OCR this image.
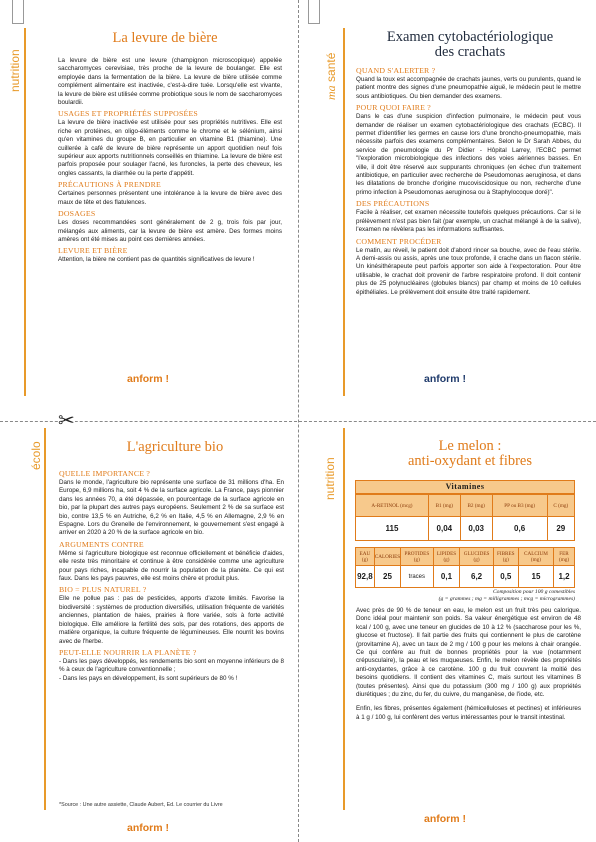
✂
nutrition
La levure de bière

La levure de bière est une levure (champignon microscopique) appelée saccharomyces cerevisiae, très proche de la levure de boulanger. Elle est employée dans la fermentation de la bière. La levure de bière utilisée comme complément alimentaire est inactivée, c'est-à-dire tuée. Lorsqu'elle est vivante, la levure de bière est utilisée comme probiotique sous le nom de saccharomyces boulardii.

USAGES ET PROPRIÉTÉS SUPPOSÉES

La levure de bière inactivée est utilisée pour ses propriétés nutritives. Elle est riche en protéines, en oligo-éléments comme le chrome et le sélénium, ainsi qu'en vitamines du groupe B, en particulier en vitamine B1 (thiamine). Une cuillerée à café de levure de bière représente un apport quotidien neuf fois supérieur aux apports nutritionnels conseillés en thiamine. La levure de bière est parfois proposée pour soulager l'acné, les furoncles, la perte des cheveux, les ongles cassants, la diarrhée ou la perte d'appétit.

PRÉCAUTIONS À PRENDRE

Certaines personnes présentent une intolérance à la levure de bière avec des maux de tête et des flatulences.

DOSAGES

Les doses recommandées sont généralement de 2 g, trois fois par jour, mélangés aux aliments, car la levure de bière est amère. Des formes moins amères ont été mises au point ces dernières années.

LEVURE ET BIÈRE

Attention, la bière ne contient pas de quantités significatives de levure !

anform !
ma santé
Examen cytobactériologique
des crachats
QUAND S'ALERTER ?

Quand la toux est accompagnée de crachats jaunes, verts ou purulents, quand le patient montre des signes d'une pneumopathie aiguë, le médecin peut le mettre sous antibiotiques. Ou bien demander des examens.

POUR QUOI FAIRE ?

Dans le cas d'une suspicion d'infection pulmonaire, le médecin peut vous demander de réaliser un examen cytobactériologique des crachats (ECBC). Il permet d'identifier les germes en cause lors d'une broncho-pneumopathie, mais nécessite parfois des examens complémentaires. Selon le Dr Sarah Abbes, du service de pneumologie du Pr Didier - Hôpital Larrey, l'ECBC permet "l'exploration microbiologique des infections des voies aériennes basses. En ville, il doit être réservé aux suppurants chroniques (en échec d'un traitement antibiotique, en particulier avec recherche de Pseudomonas aeruginosa, et dans les dilatations de bronche d'origine mucoviscidosique ou non, recherche d'une primo infection à Pseudomonas aeruginosa ou à Staphylocoque doré)".

DES PRÉCAUTIONS

Facile à réaliser, cet examen nécessite toutefois quelques précautions. Car si le prélèvement n'est pas bien fait (par exemple, un crachat mélangé à de la salive), l'examen ne révèlera pas les informations suffisantes.

COMMENT PROCÉDER

Le matin, au réveil, le patient doit d'abord rincer sa bouche, avec de l'eau stérile. A demi-assis ou assis, après une toux profonde, il crache dans un flacon stérile. Un kinésithérapeute peut parfois apporter son aide à l'expectoration. Pour être utilisable, le crachat doit provenir de l'arbre respiratoire profond. Il doit contenir plus de 25 polynucléaires (globules blancs) par champ et moins de 10 cellules épithéliales. Le prélèvement doit ensuite être traité rapidement.

anform !
écolo	L'agriculture bio
QUELLE IMPORTANCE ?

Dans le monde, l'agriculture bio représente une surface de 31 millions d'ha. En Europe, 6,9 millions ha, soit 4 % de la surface agricole. La France, pays pionnier dans les années 70, a été dépassée, en pourcentage de la surface agricole en bio, par la plupart des autres pays européens. Seulement 2 % de sa surface est bio, contre 13,5 % en Autriche, 6,2 % en Italie, 4,5 % en Allemagne, 2,9 % en Espagne. Lors du Grenelle de l'environnement, le gouvernement s'est engagé à arriver en 2020 à 20 % de la surface agricole en bio.

ARGUMENTS CONTRE

Même si l'agriculture biologique est reconnue officiellement et bénéficie d'aides, elle reste très minoritaire et continue à être considérée comme une agriculture pour pays riches, incapable de nourrir la population de la planète. Ce qui est faux. Dans les pays pauvres, elle est moins chère et produit plus.

BIO = PLUS NATUREL ?

Elle ne pollue pas : pas de pesticides, apports d'azote limités. Favorise la biodiversité : systèmes de production diversifiés, utilisation fréquente de variétés anciennes, plantation de haies, prairies à flore variée, sols à forte activité biologique. Elle améliore la fertilité des sols, par des rotations, des apports de matière organique, la culture fréquente de légumineuses. Elle nourrit les bovins avec de l'herbe.

PEUT-ELLE NOURRIR LA PLANÈTE ?

- Dans les pays développés, les rendements bio sont en moyenne inférieurs de 8 % à ceux de l'agriculture conventionnelle ;

- Dans les pays en développement, ils sont supérieurs de 80 % !

*Source : Une autre assiette, Claude Aubert, Ed. Le courrier du Livre
anform !
nutrition
Le melon :
anti-oxydant et fibres
Vitamines
A-RETINOL (mcg)	B1 (mg)	B2 (mg)	PP ou B3 (mg)	C (mg)
115	0,04	0,03	0,6	29
EAU (g)	CALORIES	PROTIDES (g)	LIPIDES (g)	GLUCIDES (g)	FIBRES (g)	CALCIUM (mg)	FER (mg)
92,8	25	traces	0,1	6,2	0,5	15	1,2
Composition pour 100 g comestibles
(g = grammes ; mg = milligrammes ; mcg = microgrammes)

Avec près de 90 % de teneur en eau, le melon est un fruit très peu calorique. Donc idéal pour maintenir son poids. Sa valeur énergétique est environ de 48 kcal / 100 g, avec une teneur en glucides de 10 à 12 % (saccharose pour les %, glucose et fructose). Il fait partie des fruits qui contiennent le plus de carotène (provitamine A), avec un taux de 2 mg / 100 g pour les melons à chair orangée. Ce qui confère au fruit de bonnes propriétés pour la vue (notamment crépusculaire), la peau et les muqueuses. Enfin, le melon révèle des propriétés anti-oxydantes, grâce à ce carotène. 100 g du fruit couvrent la moitié des besoins quotidiens. Il contient des vitamines C, mais surtout les vitamines B (toutes présentes). Ainsi que du potassium (300 mg / 100 g) aux propriétés diurétiques ; du zinc, du fer, du cuivre, du manganèse, de l'iode, etc.

Enfin, les fibres, présentes également (hémicelluloses et pectines) et inférieures à 1 g / 100 g, lui confèrent des vertus intéressantes pour le transit intestinal.

anform !
